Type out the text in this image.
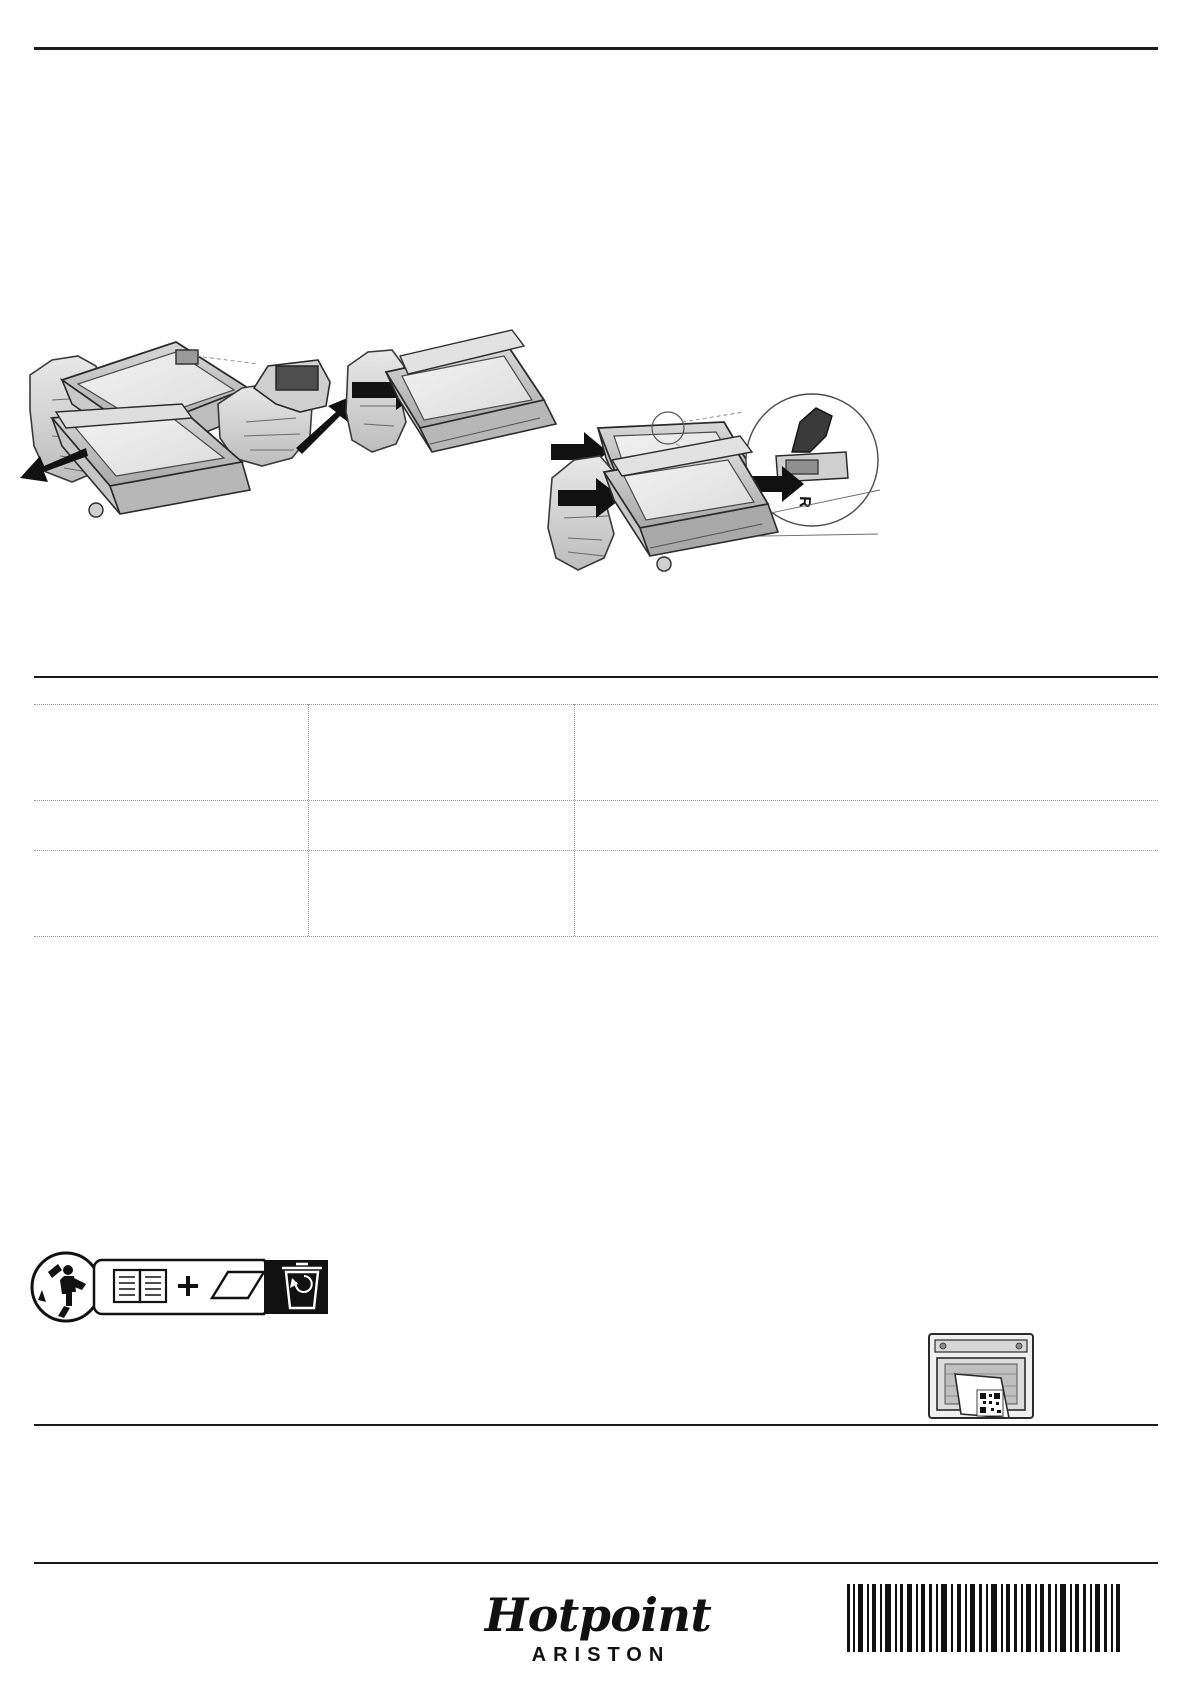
R
Hotpoint
ARISTON
